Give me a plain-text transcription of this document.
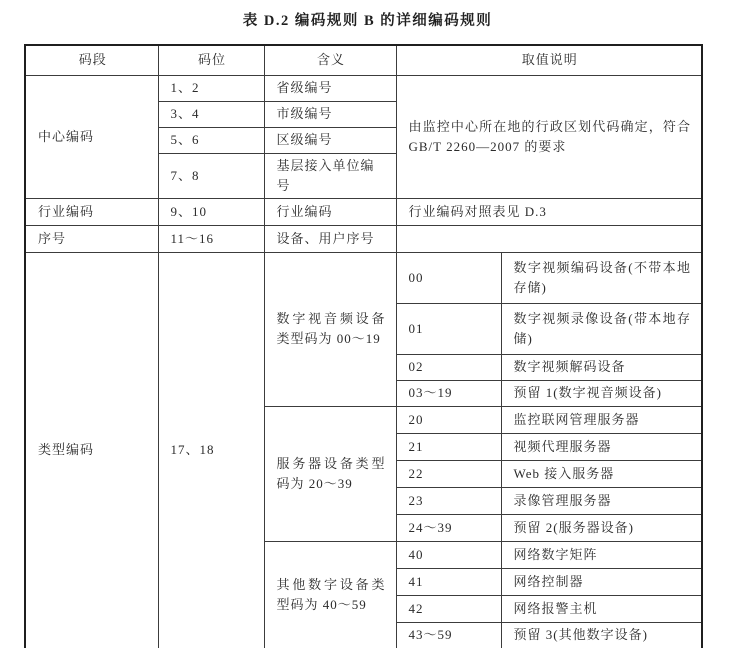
表 D.2 编码规则 B 的详细编码规则
码段	码位	含义	取值说明	
中心编码	1、2	省级编号	由监控中心所在地的行政区划代码确定，符合 GB/T 2260—2007 的要求	
	3、4	市级编号		
	5、6	区级编号		
	7、8	基层接入单位编号		
行业编码	9、10	行业编码	行业编码对照表见 D.3	
序号	11～16	设备、用户序号		
类型编码	17、18	数字视音频设备类型码为 00～19	00	数字视频编码设备(不带本地存储)
			01	数字视频录像设备(带本地存储)
			02	数字视频解码设备
			03～19	预留 1(数字视音频设备)
		服务器设备类型码为 20～39	20	监控联网管理服务器
			21	视频代理服务器
			22	Web 接入服务器
			23	录像管理服务器
			24～39	预留 2(服务器设备)
		其他数字设备类型码为 40～59	40	网络数字矩阵
			41	网络控制器
			42	网络报警主机
			43～59	预留 3(其他数字设备)
